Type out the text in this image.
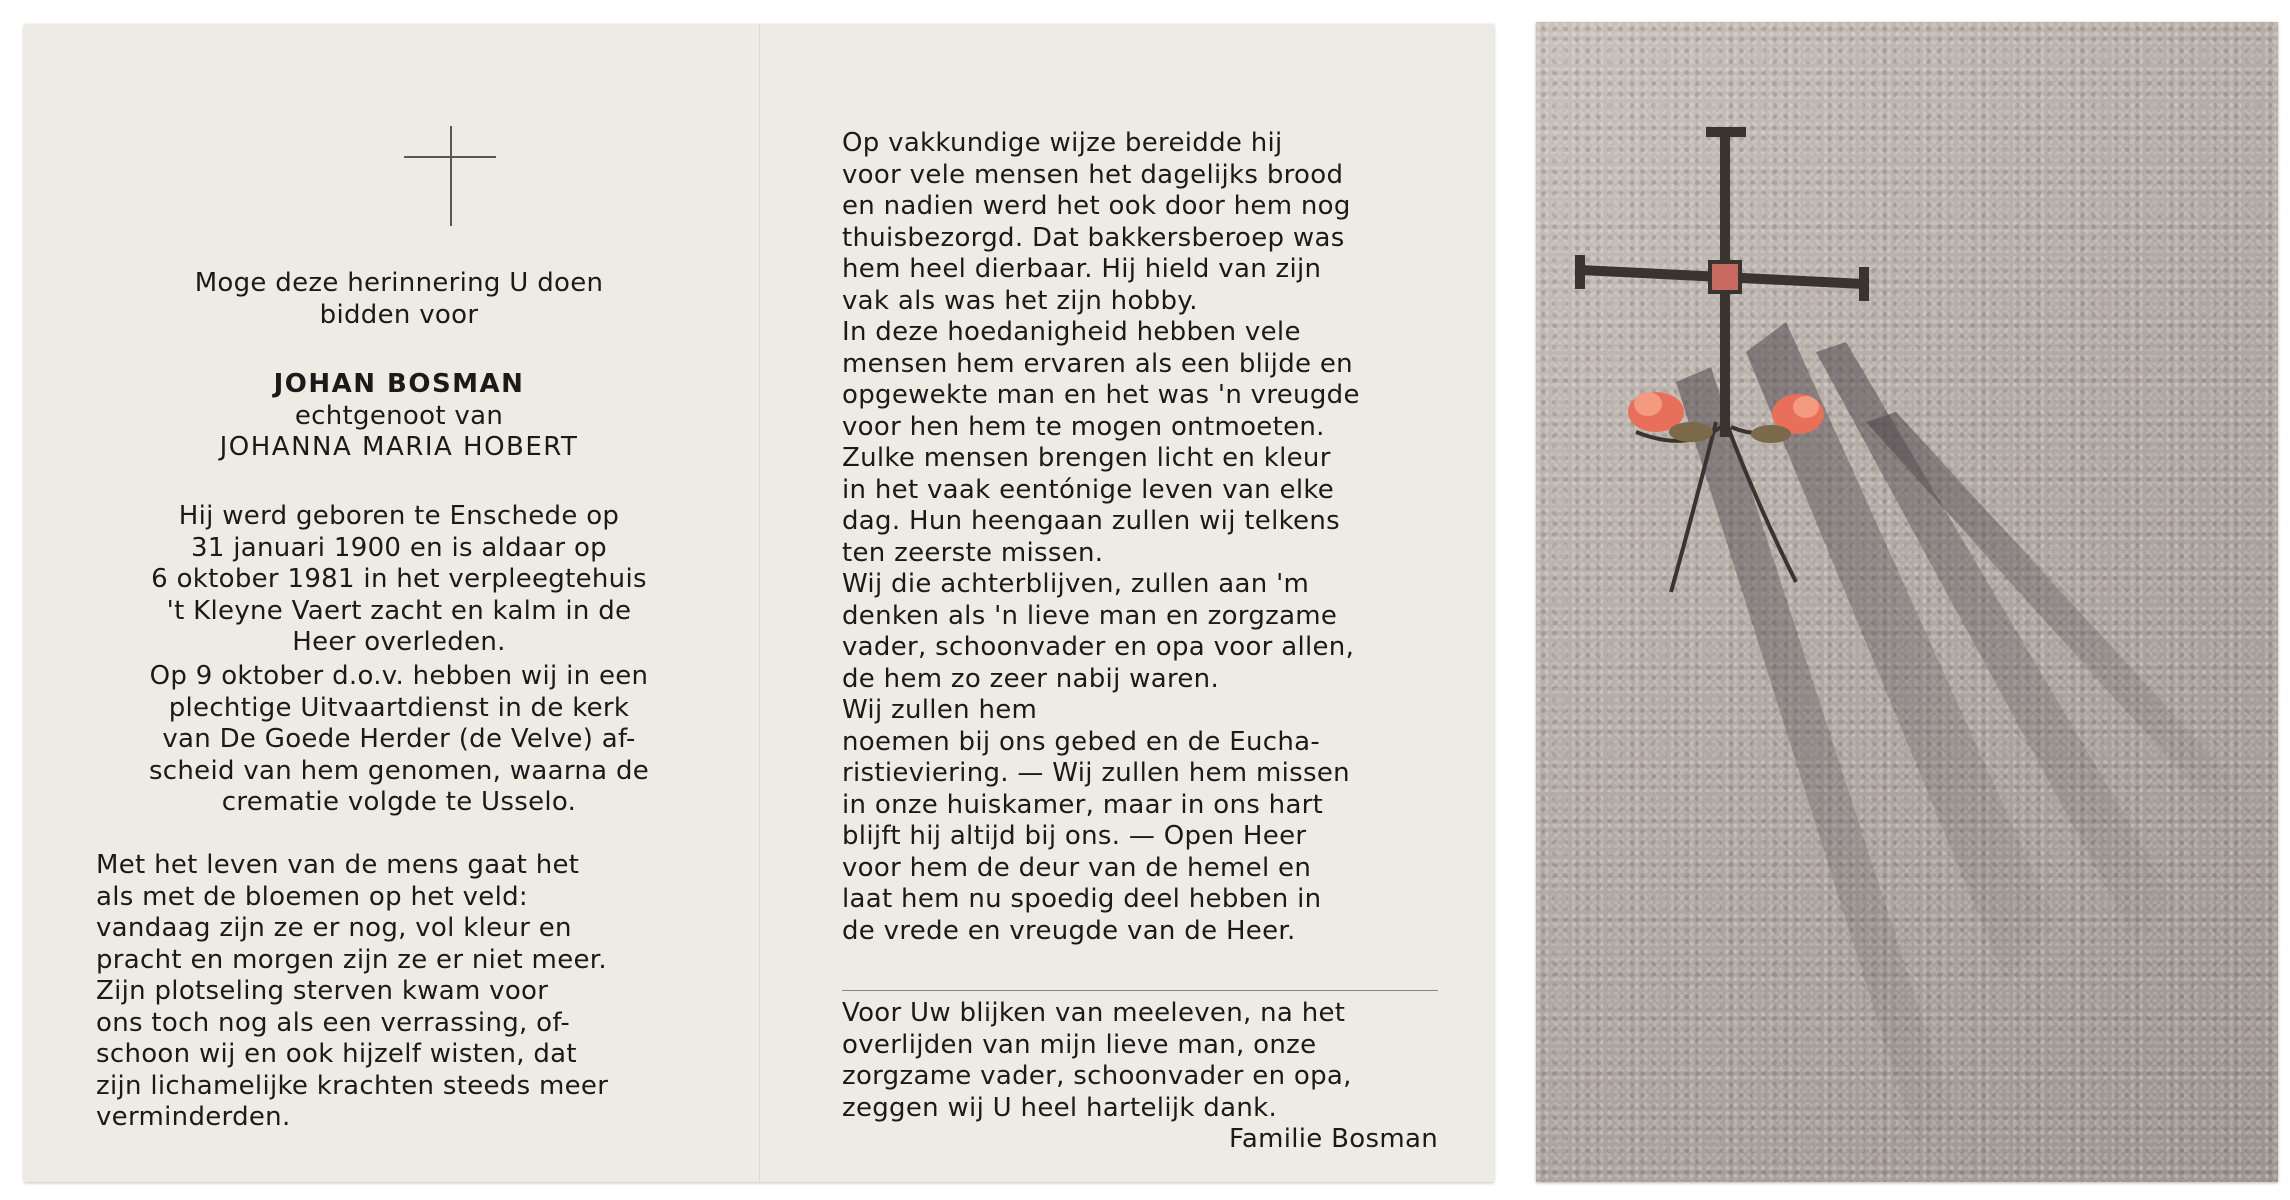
Moge deze herinnering U doen
bidden voor

JOHAN BOSMAN

echtgenoot van

JOHANNA MARIA HOBERT

Hij werd geboren te Enschede op
31 januari 1900 en is aldaar op
6 oktober 1981 in het verpleegtehuis
't Kleyne Vaert zacht en kalm in de
Heer overleden.

Op 9 oktober d.o.v. hebben wij in een
plechtige Uitvaartdienst in de kerk
van De Goede Herder (de Velve) af-
scheid van hem genomen, waarna de
crematie volgde te Usselo.

Met het leven van de mens gaat het
als met de bloemen op het veld:
vandaag zijn ze er nog, vol kleur en
pracht en morgen zijn ze er niet meer.
Zijn plotseling sterven kwam voor
ons toch nog als een verrassing, of-
schoon wij en ook hijzelf wisten, dat
zijn lichamelijke krachten steeds meer
verminderden.

Op vakkundige wijze bereidde hij
voor vele mensen het dagelijks brood
en nadien werd het ook door hem nog
thuisbezorgd. Dat bakkersberoep was
hem heel dierbaar. Hij hield van zijn
vak als was het zijn hobby.
In deze hoedanigheid hebben vele
mensen hem ervaren als een blijde en
opgewekte man en het was 'n vreugde
voor hen hem te mogen ontmoeten.
Zulke mensen brengen licht en kleur
in het vaak eentónige leven van elke
dag. Hun heengaan zullen wij telkens
ten zeerste missen.
Wij die achterblijven, zullen aan 'm
denken als 'n lieve man en zorgzame
vader, schoonvader en opa voor allen,
de hem zo zeer nabij waren.
Wij zullen hem
noemen bij ons gebed en de Eucha-
ristieviering. — Wij zullen hem missen
in onze huiskamer, maar in ons hart
blijft hij altijd bij ons. — Open Heer
voor hem de deur van de hemel en
laat hem nu spoedig deel hebben in
de vrede en vreugde van de Heer.

Voor Uw blijken van meeleven, na het
overlijden van mijn lieve man, onze
zorgzame vader, schoonvader en opa,
zeggen wij U heel hartelijk dank.

Familie Bosman
